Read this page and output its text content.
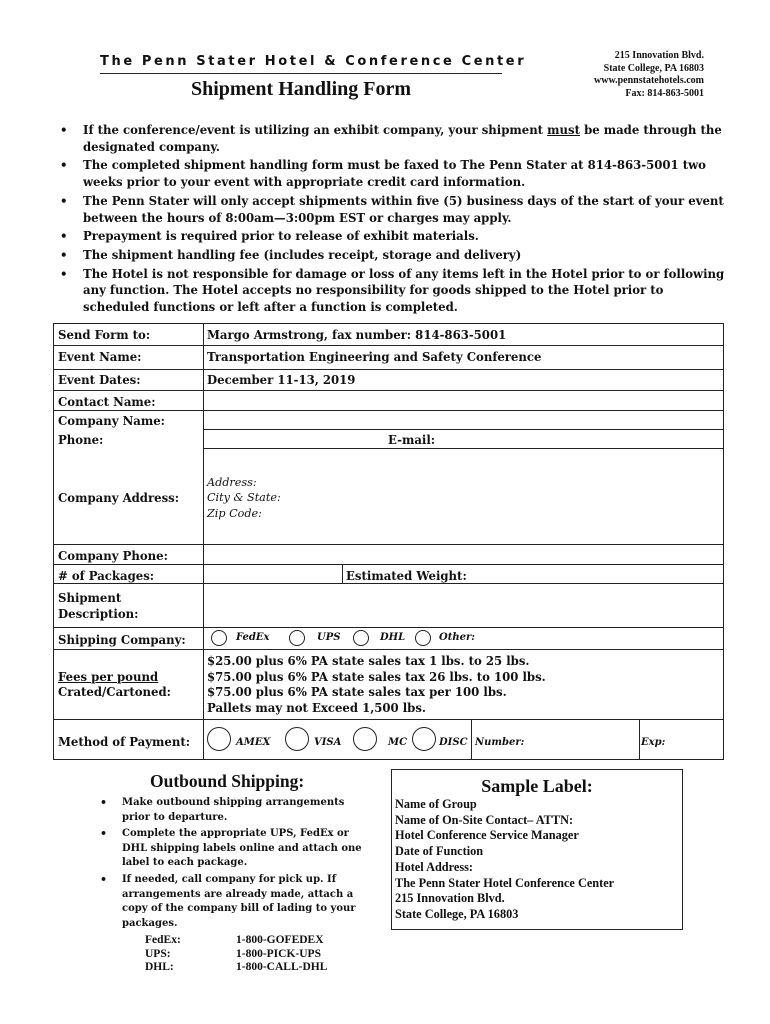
The Penn Stater Hotel & Conference Center
Shipment Handling Form
215 Innovation Blvd.
State College, PA 16803
www.pennstatehotels.com
Fax: 814-863-5001
• If the conference/event is utilizing an exhibit company, your shipment must be made through the designated company.
• The completed shipment handling form must be faxed to The Penn Stater at 814-863-5001 two weeks prior to your event with appropriate credit card information.
• The Penn Stater will only accept shipments within five (5) business days of the start of your event between the hours of 8:00am—3:00pm EST or charges may apply.
• Prepayment is required prior to release of exhibit materials.
• The shipment handling fee (includes receipt, storage and delivery)
• The Hotel is not responsible for damage or loss of any items left in the Hotel prior to or following any function. The Hotel accepts no responsibility for goods shipped to the Hotel prior to scheduled functions or left after a function is completed.
Send Form to:	Margo Armstrong, fax number: 814-863-5001
Event Name:	Transportation Engineering and Safety Conference
Event Dates:	December 11-13, 2019
Contact Name:
Company Name:
Phone:	E-mail:
Company Address:
Address:
City & State:
Zip Code:
Company Phone:
# of Packages:	Estimated Weight:
Shipment
Description:
Shipping Company:	FedEx	UPS	DHL	Other:
Fees per pound
Crated/Cartoned:
$25.00 plus 6% PA state sales tax 1 lbs. to 25 lbs.
$75.00 plus 6% PA state sales tax 26 lbs. to 100 lbs.
$75.00 plus 6% PA state sales tax per 100 lbs.
Pallets may not Exceed 1,500 lbs.
Method of Payment:	AMEX	VISA	MC	DISC Number:	Exp:
Outbound Shipping:
• Make outbound shipping arrangements prior to departure.
• Complete the appropriate UPS, FedEx or DHL shipping labels online and attach one label to each package.
• If needed, call company for pick up. If arrangements are already made, attach a copy of the company bill of lading to your packages.
FedEx:	1-800-GOFEDEX
UPS:	1-800-PICK-UPS
DHL:	1-800-CALL-DHL
Sample Label:
Name of Group
Name of On-Site Contact– ATTN:
Hotel Conference Service Manager
Date of Function
Hotel Address:
The Penn Stater Hotel Conference Center
215 Innovation Blvd.
State College, PA 16803
